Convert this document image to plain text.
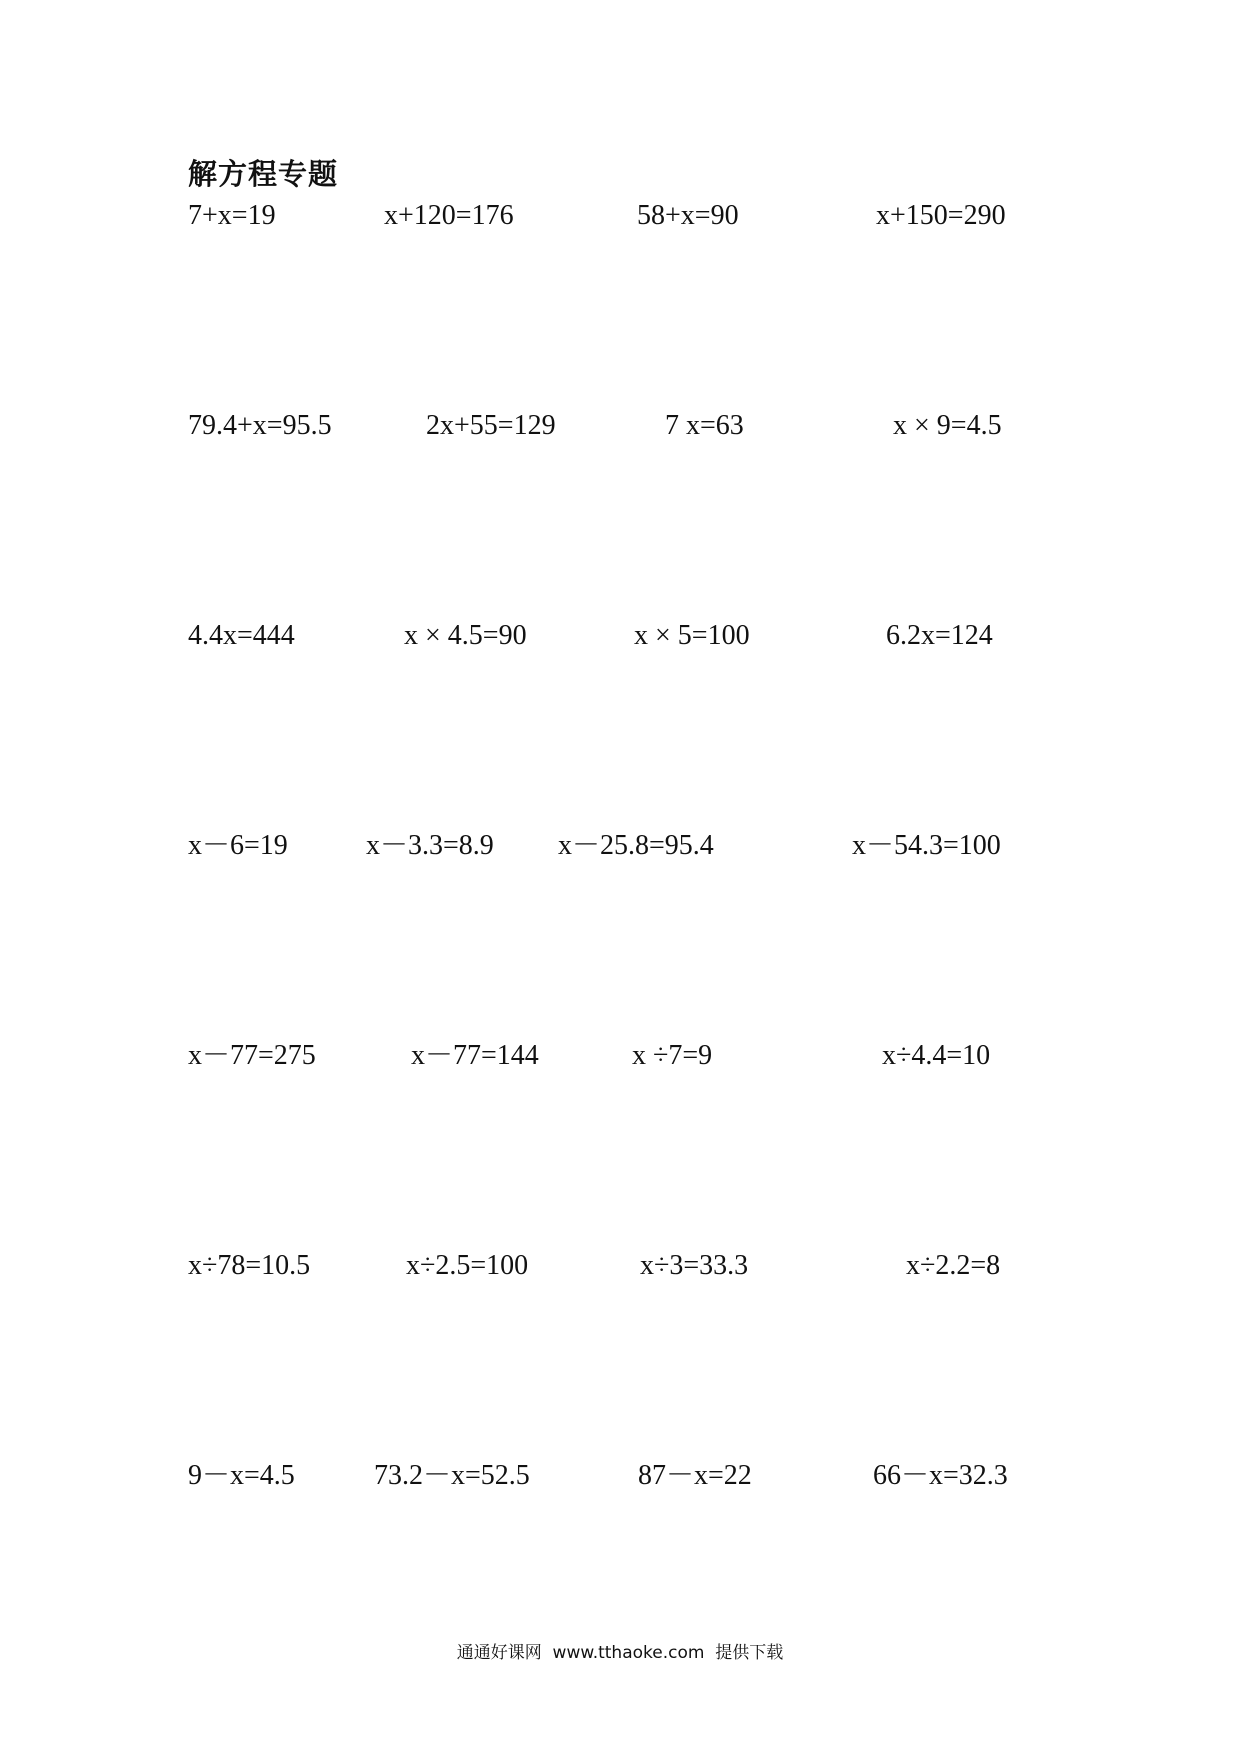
解方程专题
7+x=19	x+120=176	58+x=90	x+150=290
79.4+x=95.5	2x+55=129	7 x=63	x × 9=4.5
4.4x=444	x × 4.5=90	x × 5=100	6.2x=124
x－6=19	x－3.3=8.9 x－25.8=95.4	x－54.3=100
x－77=275	x－77=144	x ÷7=9	x÷4.4=10
x÷78=10.5	x÷2.5=100	x÷3=33.3	x÷2.2=8
9－x=4.5	73.2－x=52.5	87－x=22	66－x=32.3
通通好课网  www.tthaoke.com  提供下载
